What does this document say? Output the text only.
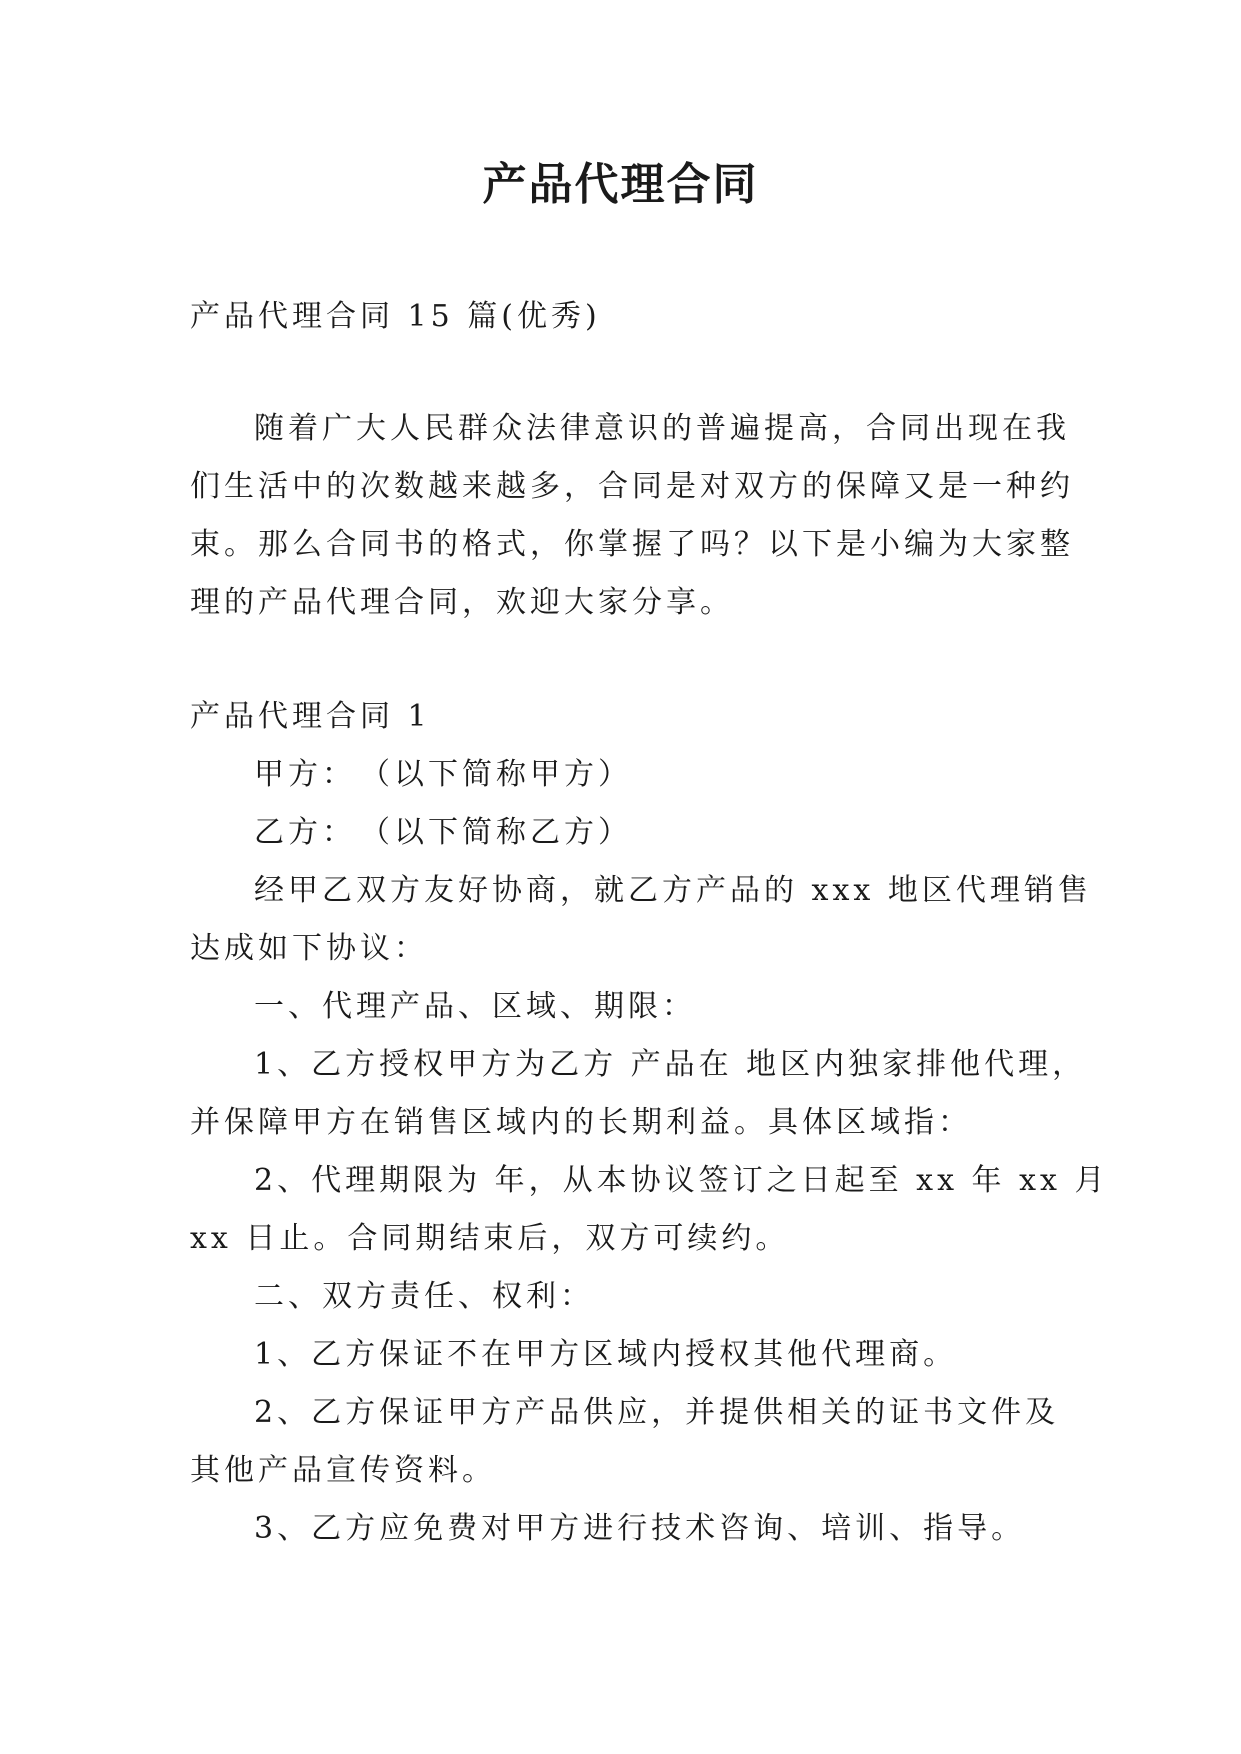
产品代理合同
产品代理合同 15 篇(优秀)
随着广大人民群众法律意识的普遍提高，合同出现在我
们生活中的次数越来越多，合同是对双方的保障又是一种约
束。那么合同书的格式，你掌握了吗？以下是小编为大家整
理的产品代理合同，欢迎大家分享。
产品代理合同 1
甲方：　（以下简称甲方）
乙方：　（以下简称乙方）
经甲乙双方友好协商，就乙方产品的 xxx 地区代理销售
达成如下协议：
一、代理产品、区域、期限：
1、乙方授权甲方为乙方 产品在 地区内独家排他代理，
并保障甲方在销售区域内的长期利益。具体区域指：
2、代理期限为 年，从本协议签订之日起至 xx 年 xx 月
xx 日止。合同期结束后，双方可续约。
二、双方责任、权利：
1、乙方保证不在甲方区域内授权其他代理商。
2、乙方保证甲方产品供应，并提供相关的证书文件及
其他产品宣传资料。
3、乙方应免费对甲方进行技术咨询、培训、指导。
